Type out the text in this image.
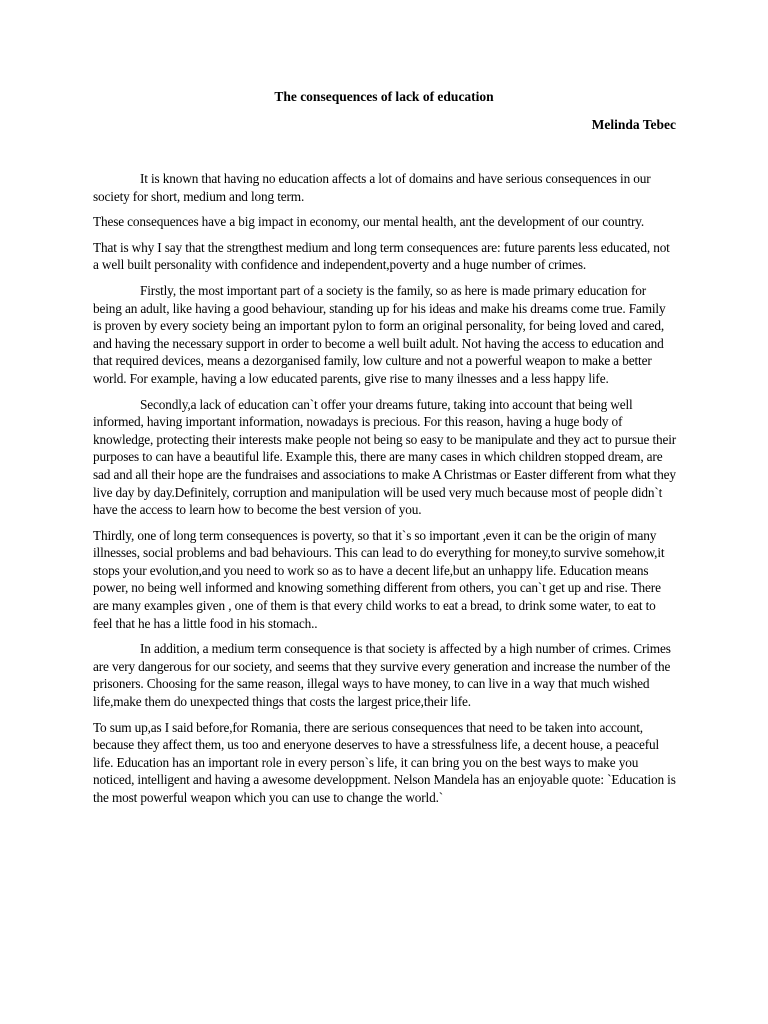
The consequences of lack of education
Melinda Tebec

It is known that having no education affects a lot of domains and have serious consequences in our society for short, medium and long term.

These consequences have a big impact in economy, our mental health, ant the development of our country.

That is why I say that the strengthest medium and long term consequences are: future parents less educated, not a well built personality with confidence and independent,poverty and a huge number of crimes.

Firstly, the most important part of a society is the family, so as here is made primary education for being an adult, like having a good behaviour, standing up for his ideas and make his dreams come true. Family is proven by every society being an important pylon to form an original personality, for being loved and cared, and having the necessary support in order to become a well built adult. Not having the access to education and that required devices, means a dezorganised family, low culture and not a powerful weapon to make a better world. For example, having a low educated parents, give rise to many ilnesses and a less happy life.

Secondly,a lack of education can`t offer your dreams future, taking into account that being well informed, having important information, nowadays is precious. For this reason, having a huge body of knowledge, protecting their interests make people not being so easy to be manipulate and they act to pursue their purposes to can have a beautiful life. Example this, there are many cases in which children stopped dream, are sad and all their hope are the fundraises and associations to make A Christmas or Easter different from what they live day by day.Definitely, corruption and manipulation will be used very much because most of people didn`t have the access to learn how to become the best version of you.

Thirdly, one of long term consequences is poverty, so that it`s so important ,even it can be the origin of many illnesses, social problems and bad behaviours. This can lead to do everything for money,to survive somehow,it stops your evolution,and you need to work so as to have a decent life,but an unhappy life. Education means power, no being well informed and knowing something different from others, you can`t get up and rise. There are many examples given , one of them is that every child works to eat a bread, to drink some water, to eat to feel that he has a little food in his stomach..

In addition, a medium term consequence is that society is affected by a high number of crimes. Crimes are very dangerous for our society, and seems that they survive every generation and increase the number of the prisoners. Choosing for the same reason, illegal ways to have money, to can live in a way that much wished life,make them do unexpected things that costs the largest price,their life.

To sum up,as I said before,for Romania, there are serious consequences that need to be taken into account, because they affect them, us too and eneryone deserves to have a stressfulness life, a decent house, a peaceful life. Education has an important role in every person`s life, it can bring you on the best ways to make you noticed, intelligent and having a awesome developpment. Nelson Mandela has an enjoyable quote: `Education is the most powerful weapon which you can use to change the world.`
